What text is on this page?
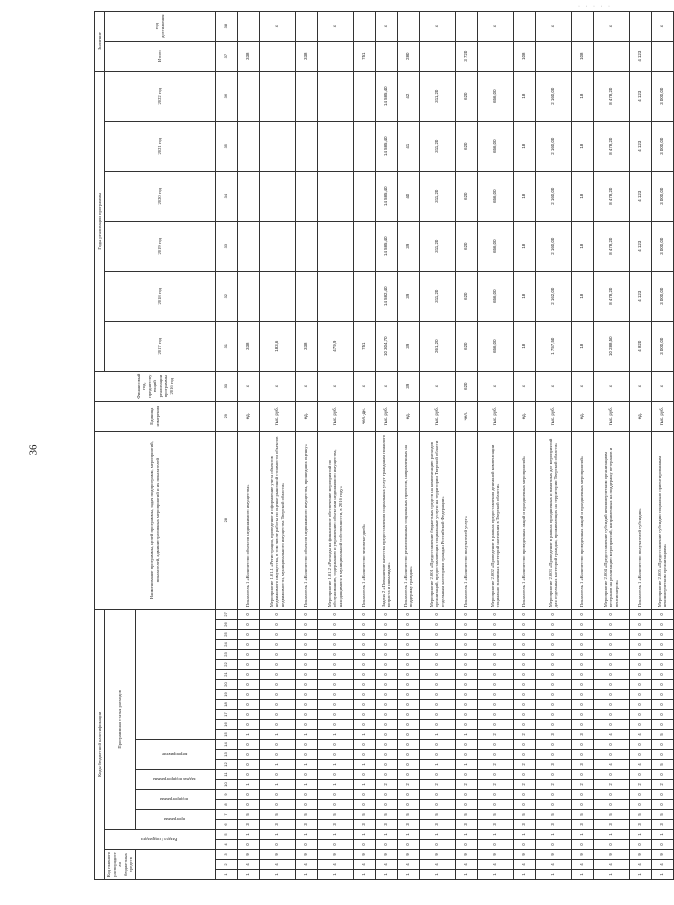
· · · · ·
36
Коды бюджетной классификации																											Наименование программы, целей программы, задач подпрограмм, мероприятий, показателей, административных мероприятий и их показателей	Единица измерения	Финансовый год, предшествующий реализации программы 2016 год	Годы реализации программы						Значение	
Код главного распорядителя бюджетных средств			Раздел / подраздел		Программная статья расходов																									2017 год	2018 год	2019 год	2020 год	2021 год	2022 год	Итого	год достижения
					программа		подпрограмма		задача подпрограммы		мероприятие																										
1	2	3	4	5	6	7	8	9	10	11	12	13	14	15	16	17	18	19	20	21	22	23	24	25	26	27	28	29	30	31	32	33	34	35	36	37	38
1	4	9	0	1	3	5	0	0	1	0	0	0	0	1	0	0	0	0	0	0	0	0	0	0	0	0	Показатель 1 «Количество объектов недвижимого имущества»	ед.	х	338						338	
1	4	9	0	1	3	5	0	0	1	0	1	0	0	1	0	0	0	0	0	0	0	0	0	0	0	0	Мероприятие 1.01.1 «Регистрация, проведение и оформление учета объектов недвижимого имущества, в том числе работы по оценке рыночной стоимости объектов недвижимости, муниципального имущества Тверской области»	тыс. руб.	х	183,6							х
1	4	9	0	1	3	5	0	0	1	0	1	0	0	1	0	0	0	0	0	0	0	0	0	0	0	0	Показатель 1 «Количество объектов недвижимого имущества, прошедших оценку»	ед.	х	338						338	
1	4	9	0	1	3	5	0	0	1	0	1	0	0	1	0	0	0	0	0	0	0	0	0	0	0	0	Мероприятие 1.01.2 «Расходы на финансовое обеспечение мероприятий по обслуживанию, содержанию и управлению объектами недвижимого имущества, находящимися в муниципальной собственности, в 2016 году»	тыс. руб.	х	479,9							х
1	4	9	0	1	3	5	0	0	1	0	1	0	0	1	0	0	0	0	0	0	0	0	0	0	0	0	Показатель 1 «Количество человеко-дней»	чел.-дн.	х	751						751	
1	4	9	0	1	3	5	0	0	2	0	0	0	0	0	0	0	0	0	0	0	0	0	0	0	0	0	Задача 2 «Повышение качества предоставления социальных услуг гражданам пожилого возраста и инвалидам»	тыс. руб.	х	10 304,70	14 582,40	14 585,40	14 585,40	14 585,40	14 585,40		х
1	4	9	0	1	3	5	0	0	2	0	0	0	0	0	0	0	0	0	0	0	0	0	0	0	0	0	Показатель 1 «Количество реализованных социальных проектов, направленных на поддержку граждан»	ед.	39	39	39	39	40	41	42	280	
1	4	9	0	1	3	5	0	0	2	0	1	0	0	1	0	0	0	0	0	0	0	0	0	0	0	0	Мероприятие 2.001 «Предоставление бюджетных средств на компенсацию расходов организаций, предоставляющих социальные услуги на территории Тверской области отдельным категориям граждан Российской Федерации»	тыс. руб.	х	261,20	311,20	311,20	311,20	311,20	311,20		х
1	4	9	0	1	3	5	0	0	2	0	1	0	0	1	0	0	0	0	0	0	0	0	0	0	0	0	Показатель 1 «Количество получателей услуг»	чел.	620	620	620	620	620	620	620	3 720	
1	4	9	0	1	3	5	0	0	2	0	2	0	0	2	0	0	0	0	0	0	0	0	0	0	0	0	Мероприятие 2.002 «Проведение в рамках предоставления денежной компенсации социально значимых категорий населения в Тверской области»	тыс. руб.	х	656,00	656,00	656,00	656,00	656,00	656,00		х
1	4	9	0	1	3	5	0	0	2	0	2	0	0	2	0	0	0	0	0	0	0	0	0	0	0	0	Показатель 1 «Количество проведенных акций и праздничных мероприятий»	ед.	х	18	18	18	18	18	18	108	
1	4	9	0	1	3	5	0	0	2	0	3	0	0	3	0	0	0	0	0	0	0	0	0	0	0	0	Мероприятие 2.003 «Проведение в рамках праздничных и памятных дат мероприятий для отдельных категорий граждан, проживающих на территории Тверской области»	тыс. руб.	х	1 757,50	2 162,00	2 160,00	2 160,00	2 160,00	2 160,00		х
1	4	9	0	1	3	5	0	0	2	0	3	0	0	3	0	0	0	0	0	0	0	0	0	0	0	0	Показатель 1 «Количество проведенных акций и праздничных мероприятий»	ед.	х	18	18	18	18	18	18	108	
1	4	9	0	1	3	5	0	0	2	0	4	0	0	4	0	0	0	0	0	0	0	0	0	0	0	0	Мероприятие 2.004 «Предоставление субсидий некоммерческим организациям ветеранов на реализацию мероприятий, направленных на поддержку ветеранов и пенсионеров»	тыс. руб.	х	10 288,50	8 478,20	8 478,20	8 478,20	8 478,20	8 478,20		х
1	4	9	0	1	3	5	0	0	2	0	4	0	0	4	0	0	0	0	0	0	0	0	0	0	0	0	Показатель 1 «Количество получателей субсидии»	ед.	х	4 820	4 123	4 123	4 123	4 123	4 123	4 123	
1	4	9	0	1	3	5	0	0	2	0	5	0	0	5	0	0	0	0	0	0	0	0	0	0	0	0	Мероприятие 2.005 «Предоставление субсидии социально ориентированным некоммерческим организациям»	тыс. руб.	х	3 000,00	3 000,00	3 000,00	3 000,00	3 000,00	3 000,00		х
